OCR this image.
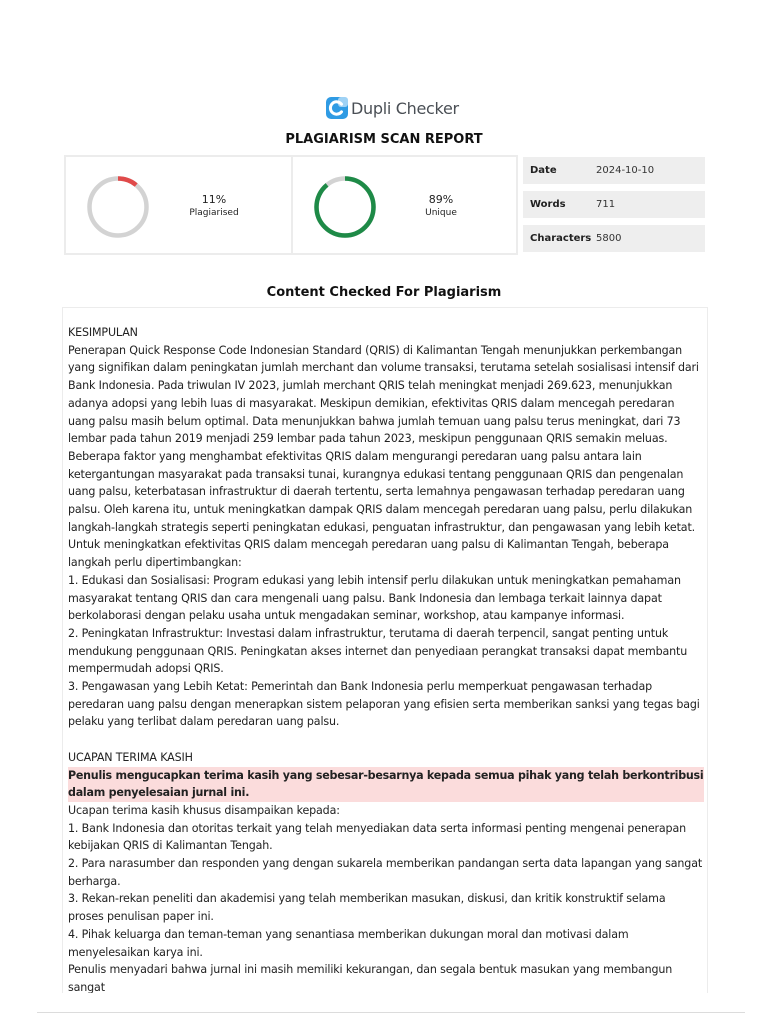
Dupli Checker
PLAGIARISM SCAN REPORT
11%
Plagiarised
89%
Unique
Date	2024-10-10
Words	711
Characters 5800
Content Checked For Plagiarism

KESIMPULAN

Penerapan Quick Response Code Indonesian Standard (QRIS) di Kalimantan Tengah menunjukkan perkembangan yang signifikan dalam peningkatan jumlah merchant dan volume transaksi, terutama setelah sosialisasi intensif dari Bank Indonesia. Pada triwulan IV 2023, jumlah merchant QRIS telah meningkat menjadi 269.623, menunjukkan adanya adopsi yang lebih luas di masyarakat. Meskipun demikian, efektivitas QRIS dalam mencegah peredaran uang palsu masih belum optimal. Data menunjukkan bahwa jumlah temuan uang palsu terus meningkat, dari 73 lembar pada tahun 2019 menjadi 259 lembar pada tahun 2023, meskipun penggunaan QRIS semakin meluas.

Beberapa faktor yang menghambat efektivitas QRIS dalam mengurangi peredaran uang palsu antara lain ketergantungan masyarakat pada transaksi tunai, kurangnya edukasi tentang penggunaan QRIS dan pengenalan uang palsu, keterbatasan infrastruktur di daerah tertentu, serta lemahnya pengawasan terhadap peredaran uang palsu. Oleh karena itu, untuk meningkatkan dampak QRIS dalam mencegah peredaran uang palsu, perlu dilakukan langkah-langkah strategis seperti peningkatan edukasi, penguatan infrastruktur, dan pengawasan yang lebih ketat.

Untuk meningkatkan efektivitas QRIS dalam mencegah peredaran uang palsu di Kalimantan Tengah, beberapa langkah perlu dipertimbangkan:

1. Edukasi dan Sosialisasi: Program edukasi yang lebih intensif perlu dilakukan untuk meningkatkan pemahaman masyarakat tentang QRIS dan cara mengenali uang palsu. Bank Indonesia dan lembaga terkait lainnya dapat berkolaborasi dengan pelaku usaha untuk mengadakan seminar, workshop, atau kampanye informasi.

2. Peningkatan Infrastruktur: Investasi dalam infrastruktur, terutama di daerah terpencil, sangat penting untuk mendukung penggunaan QRIS. Peningkatan akses internet dan penyediaan perangkat transaksi dapat membantu mempermudah adopsi QRIS.

3. Pengawasan yang Lebih Ketat: Pemerintah dan Bank Indonesia perlu memperkuat pengawasan terhadap peredaran uang palsu dengan menerapkan sistem pelaporan yang efisien serta memberikan sanksi yang tegas bagi pelaku yang terlibat dalam peredaran uang palsu.

UCAPAN TERIMA KASIH

Penulis mengucapkan terima kasih yang sebesar-besarnya kepada semua pihak yang telah berkontribusi dalam penyelesaian jurnal ini.

Ucapan terima kasih khusus disampaikan kepada:

1. Bank Indonesia dan otoritas terkait yang telah menyediakan data serta informasi penting mengenai penerapan kebijakan QRIS di Kalimantan Tengah.

2. Para narasumber dan responden yang dengan sukarela memberikan pandangan serta data lapangan yang sangat berharga.

3. Rekan-rekan peneliti dan akademisi yang telah memberikan masukan, diskusi, dan kritik konstruktif selama proses penulisan paper ini.

4. Pihak keluarga dan teman-teman yang senantiasa memberikan dukungan moral dan motivasi dalam menyelesaikan karya ini.

Penulis menyadari bahwa jurnal ini masih memiliki kekurangan, dan segala bentuk masukan yang membangun sangat
